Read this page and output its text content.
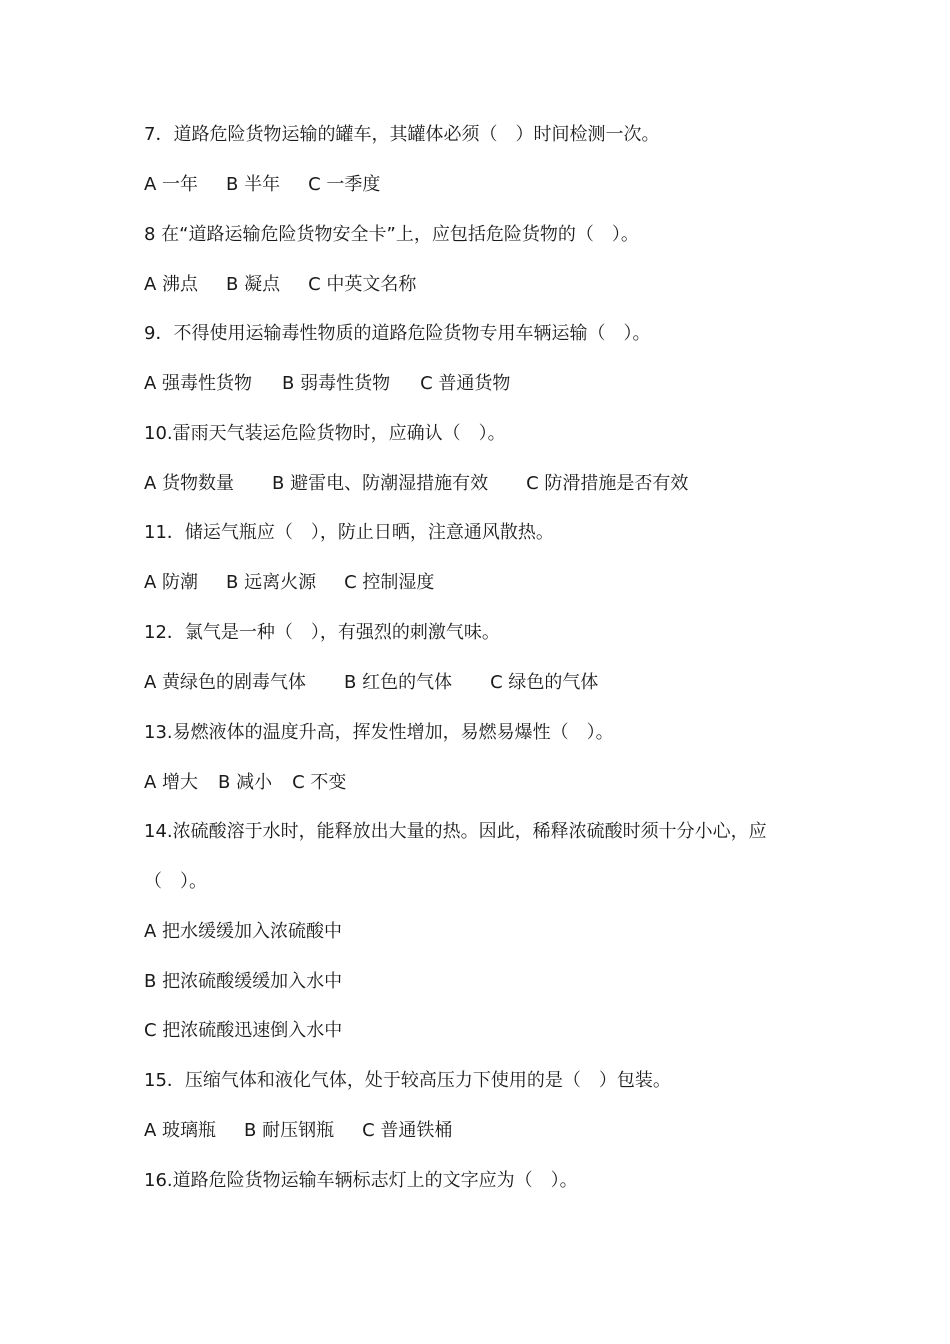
7．道路危险货物运输的罐车，其罐体必须（　）时间检测一次。
A 一年 B 半年 C 一季度
8 在“道路运输危险货物安全卡”上，应包括危险货物的（　）。
A 沸点 B 凝点 C 中英文名称
9．不得使用运输毒性物质的道路危险货物专用车辆运输（　）。
A 强毒性货物 B 弱毒性货物 C 普通货物
10.雷雨天气装运危险货物时，应确认（　）。
A 货物数量 B 避雷电、防潮湿措施有效 C 防滑措施是否有效
11．储运气瓶应（　），防止日晒，注意通风散热。
A 防潮 B 远离火源 C 控制湿度
12．氯气是一种（　），有强烈的刺激气味。
A 黄绿色的剧毒气体 B 红色的气体 C 绿色的气体
13.易燃液体的温度升高，挥发性增加，易燃易爆性（　）。
A 增大 B 减小 C 不变
14.浓硫酸溶于水时，能释放出大量的热。因此，稀释浓硫酸时须十分小心，应
（　）。
A 把水缓缓加入浓硫酸中
B 把浓硫酸缓缓加入水中
C 把浓硫酸迅速倒入水中
15．压缩气体和液化气体，处于较高压力下使用的是（　）包装。
A 玻璃瓶 B 耐压钢瓶 C 普通铁桶
16.道路危险货物运输车辆标志灯上的文字应为（　）。
